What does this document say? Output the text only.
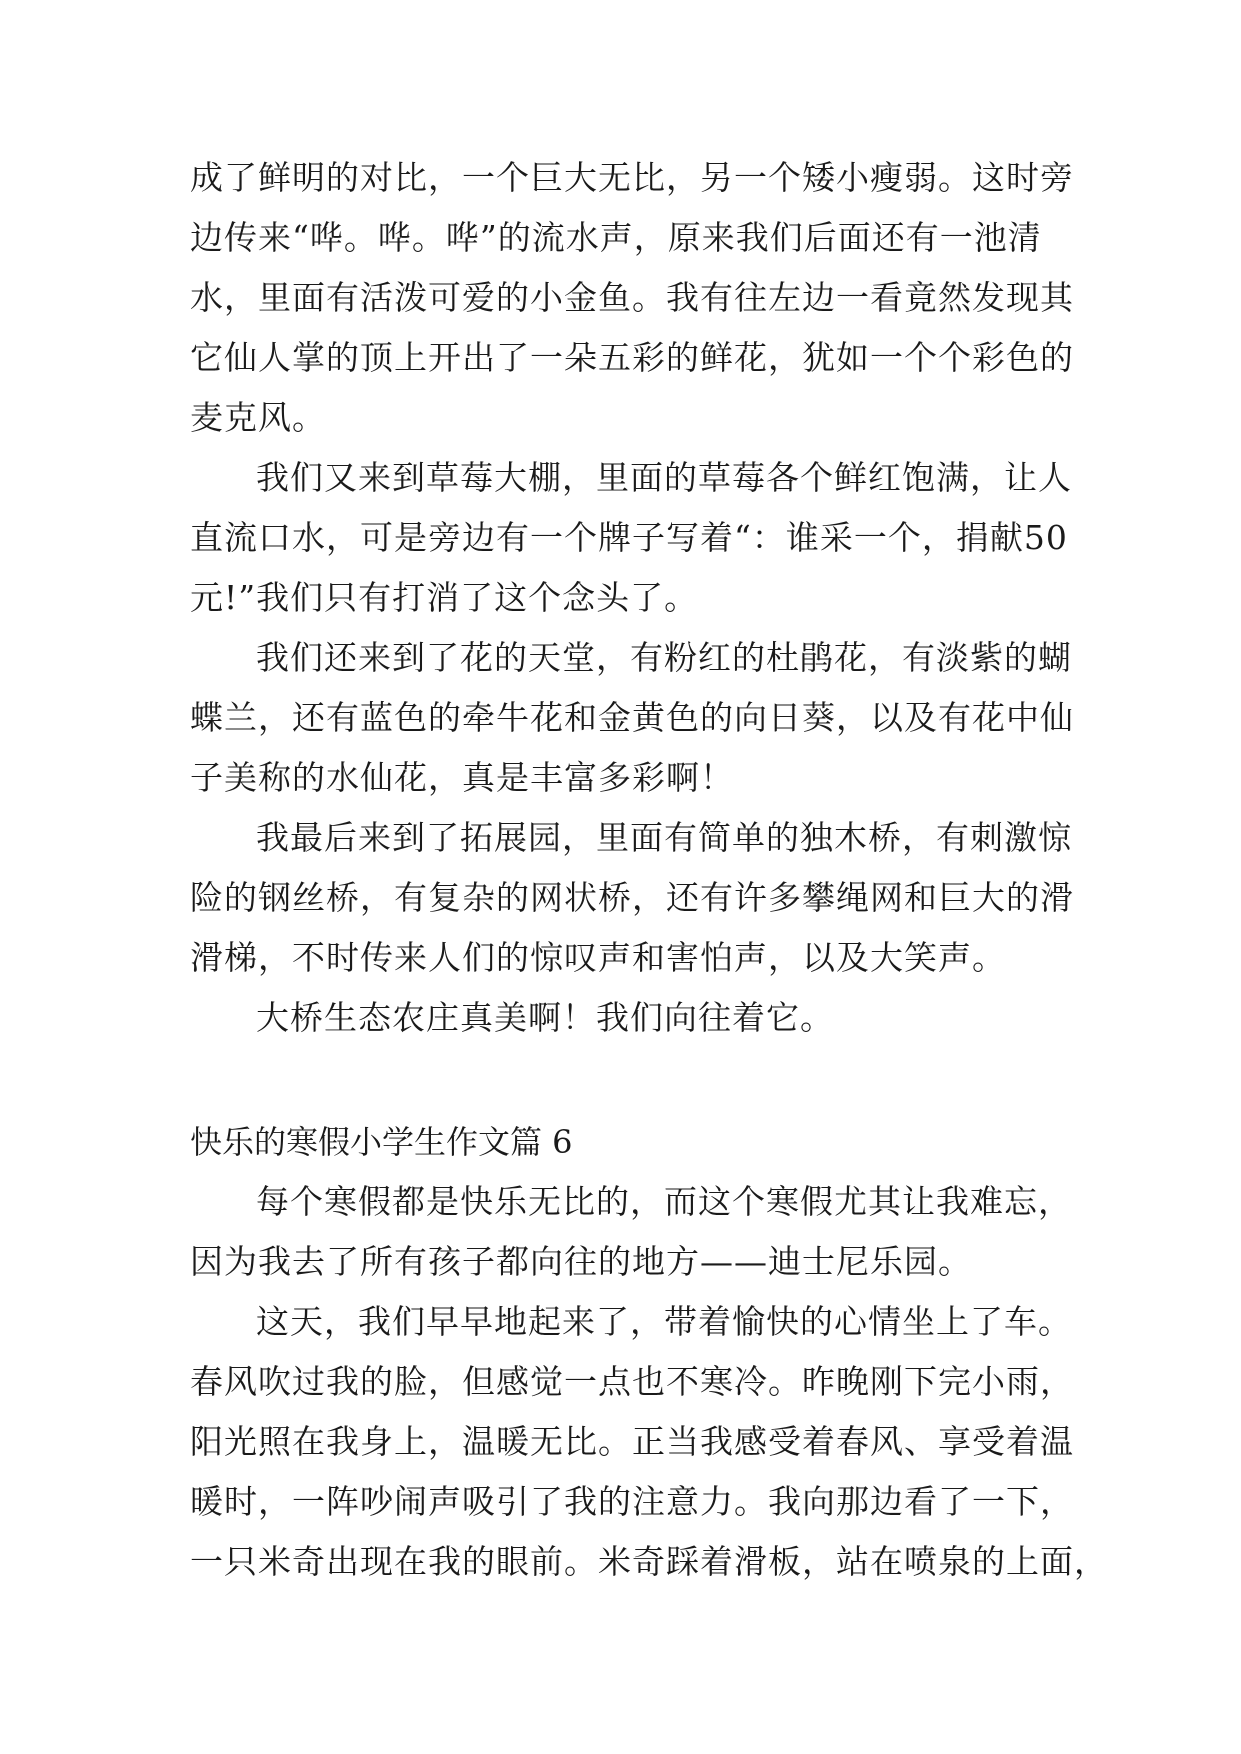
成了鲜明的对比，一个巨大无比，另一个矮小瘦弱。这时旁
边传来“哗。哗。哗”的流水声，原来我们后面还有一池清
水，里面有活泼可爱的小金鱼。我有往左边一看竟然发现其
它仙人掌的顶上开出了一朵五彩的鲜花，犹如一个个彩色的
麦克风。
我们又来到草莓大棚，里面的草莓各个鲜红饱满，让人
直流口水，可是旁边有一个牌子写着“：谁采一个，捐献50
元!”我们只有打消了这个念头了。
我们还来到了花的天堂，有粉红的杜鹃花，有淡紫的蝴
蝶兰，还有蓝色的牵牛花和金黄色的向日葵，以及有花中仙
子美称的水仙花，真是丰富多彩啊！
我最后来到了拓展园，里面有简单的独木桥，有刺激惊
险的钢丝桥，有复杂的网状桥，还有许多攀绳网和巨大的滑
滑梯，不时传来人们的惊叹声和害怕声，以及大笑声。
大桥生态农庄真美啊！我们向往着它。
快乐的寒假小学生作文篇 6
每个寒假都是快乐无比的，而这个寒假尤其让我难忘，
因为我去了所有孩子都向往的地方——迪士尼乐园。
这天，我们早早地起来了，带着愉快的心情坐上了车。
春风吹过我的脸，但感觉一点也不寒冷。昨晚刚下完小雨，
阳光照在我身上，温暖无比。正当我感受着春风、享受着温
暖时，一阵吵闹声吸引了我的注意力。我向那边看了一下，
一只米奇出现在我的眼前。米奇踩着滑板，站在喷泉的上面，
